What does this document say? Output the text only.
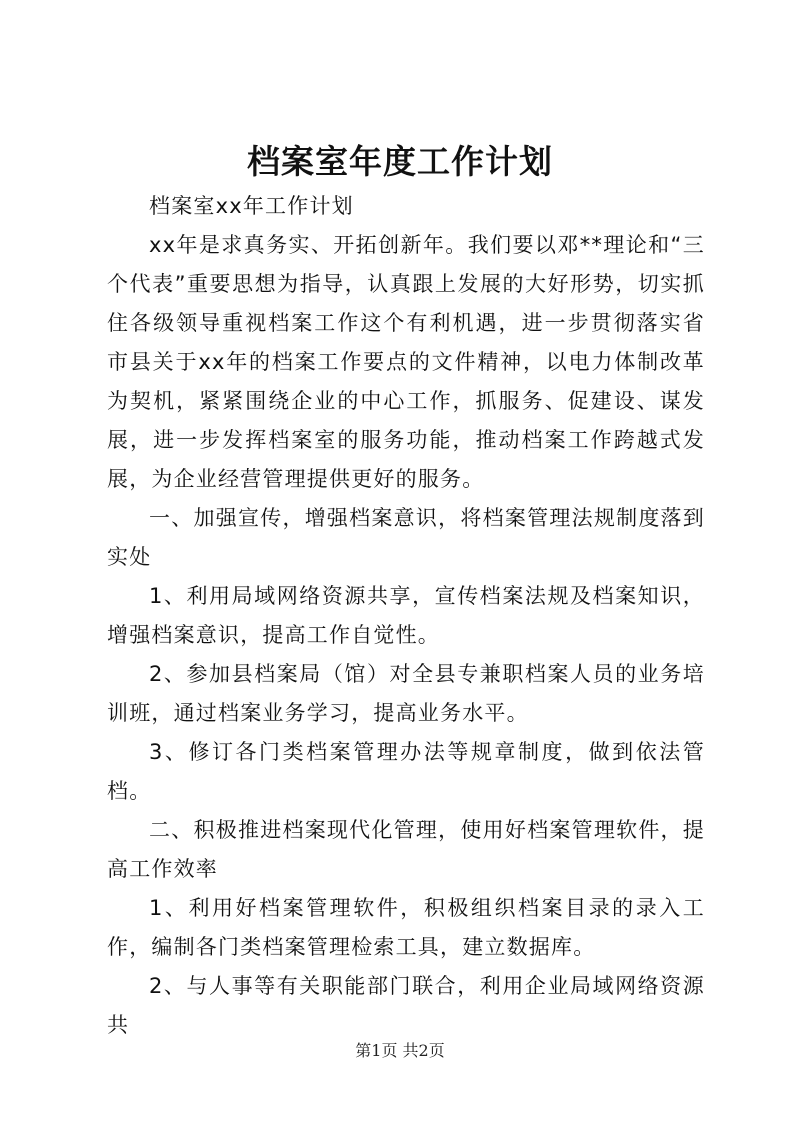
档案室年度工作计划

档案室xx年工作计划

xx年是求真务实、开拓创新年。我们要以邓**理论和“三个代表”重要思想为指导，认真跟上发展的大好形势，切实抓住各级领导重视档案工作这个有利机遇，进一步贯彻落实省市县关于xx年的档案工作要点的文件精神，以电力体制改革为契机，紧紧围绕企业的中心工作，抓服务、促建设、谋发展，进一步发挥档案室的服务功能，推动档案工作跨越式发展，为企业经营管理提供更好的服务。

一、加强宣传，增强档案意识，将档案管理法规制度落到实处

1、利用局域网络资源共享，宣传档案法规及档案知识，增强档案意识，提高工作自觉性。

2、参加县档案局（馆）对全县专兼职档案人员的业务培训班，通过档案业务学习，提高业务水平。

3、修订各门类档案管理办法等规章制度，做到依法管档。

二、积极推进档案现代化管理，使用好档案管理软件，提高工作效率

1、利用好档案管理软件，积极组织档案目录的录入工作，编制各门类档案管理检索工具，建立数据库。

2、与人事等有关职能部门联合，利用企业局域网络资源共

第1页 共2页
